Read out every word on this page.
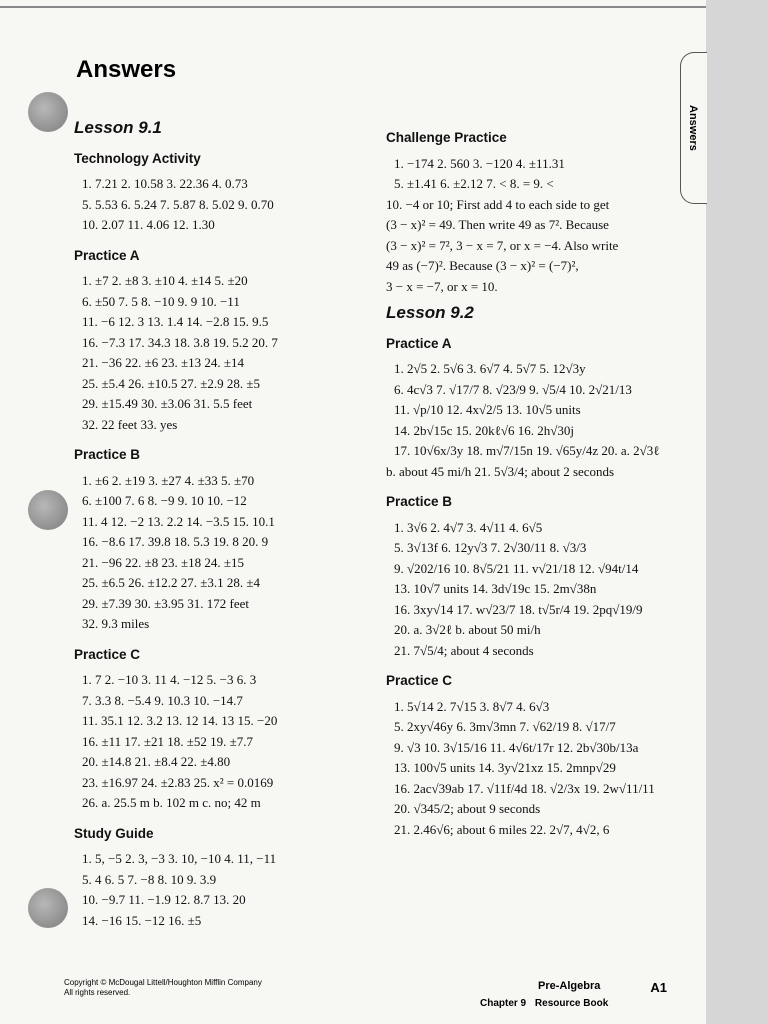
Answers
Answers
Lesson 9.1
Technology Activity
1. 7.21 2. 10.58 3. 22.36 4. 0.73
5. 5.53 6. 5.24 7. 5.87 8. 5.02 9. 0.70
10. 2.07 11. 4.06 12. 1.30
Practice A
1. ±7 2. ±8 3. ±10 4. ±14 5. ±20
6. ±50 7. 5 8. −10 9. 9 10. −11
11. −6 12. 3 13. 1.4 14. −2.8 15. 9.5
16. −7.3 17. 34.3 18. 3.8 19. 5.2 20. 7
21. −36 22. ±6 23. ±13 24. ±14
25. ±5.4 26. ±10.5 27. ±2.9 28. ±5
29. ±15.49 30. ±3.06 31. 5.5 feet
32. 22 feet 33. yes
Practice B
1. ±6 2. ±19 3. ±27 4. ±33 5. ±70
6. ±100 7. 6 8. −9 9. 10 10. −12
11. 4 12. −2 13. 2.2 14. −3.5 15. 10.1
16. −8.6 17. 39.8 18. 5.3 19. 8 20. 9
21. −96 22. ±8 23. ±18 24. ±15
25. ±6.5 26. ±12.2 27. ±3.1 28. ±4
29. ±7.39 30. ±3.95 31. 172 feet
32. 9.3 miles
Practice C
1. 7 2. −10 3. 11 4. −12 5. −3 6. 3
7. 3.3 8. −5.4 9. 10.3 10. −14.7
11. 35.1 12. 3.2 13. 12 14. 13 15. −20
16. ±11 17. ±21 18. ±52 19. ±7.7
20. ±14.8 21. ±8.4 22. ±4.80
23. ±16.97 24. ±2.83 25. x² = 0.0169
26. a. 25.5 m b. 102 m c. no; 42 m
Study Guide
1. 5, −5 2. 3, −3 3. 10, −10 4. 11, −11
5. 4 6. 5 7. −8 8. 10 9. 3.9
10. −9.7 11. −1.9 12. 8.7 13. 20
14. −16 15. −12 16. ±5
Challenge Practice
1. −174 2. 560 3. −120 4. ±11.31
5. ±1.41 6. ±2.12 7. < 8. = 9. <
10. −4 or 10; First add 4 to each side to get
(3 − x)² = 49. Then write 49 as 7². Because
(3 − x)² = 7², 3 − x = 7, or x = −4. Also write
49 as (−7)². Because (3 − x)² = (−7)²,
3 − x = −7, or x = 10.
Lesson 9.2
Practice A
1. 2√5 2. 5√6 3. 6√7 4. 5√7 5. 12√3y
6. 4c√3 7. √17/7 8. √23/9 9. √5/4 10. 2√21/13
11. √p/10 12. 4x√2/5 13. 10√5 units
14. 2b√15c 15. 20kℓ√6 16. 2h√30j
17. 10√6x/3y 18. m√7/15n 19. √65y/4z 20. a. 2√3ℓ
b. about 45 mi/h 21. 5√3/4; about 2 seconds
Practice B
1. 3√6 2. 4√7 3. 4√11 4. 6√5
5. 3√13f 6. 12y√3 7. 2√30/11 8. √3/3
9. √202/16 10. 8√5/21 11. v√21/18 12. √94t/14
13. 10√7 units 14. 3d√19c 15. 2m√38n
16. 3xy√14 17. w√23/7 18. t√5r/4 19. 2pq√19/9
20. a. 3√2ℓ b. about 50 mi/h
21. 7√5/4; about 4 seconds
Practice C
1. 5√14 2. 7√15 3. 8√7 4. 6√3
5. 2xy√46y 6. 3m√3mn 7. √62/19 8. √17/7
9. √3 10. 3√15/16 11. 4√6t/17r 12. 2b√30b/13a
13. 100√5 units 14. 3y√21xz 15. 2mnp√29
16. 2ac√39ab 17. √11f/4d 18. √2/3x 19. 2w√11/11
20. √345/2; about 9 seconds
21. 2.46√6; about 6 miles 22. 2√7, 4√2, 6
Copyright © McDougal Littell/Houghton Mifflin Company
All rights reserved.
Pre-Algebra	A1
Chapter 9 Resource Book
